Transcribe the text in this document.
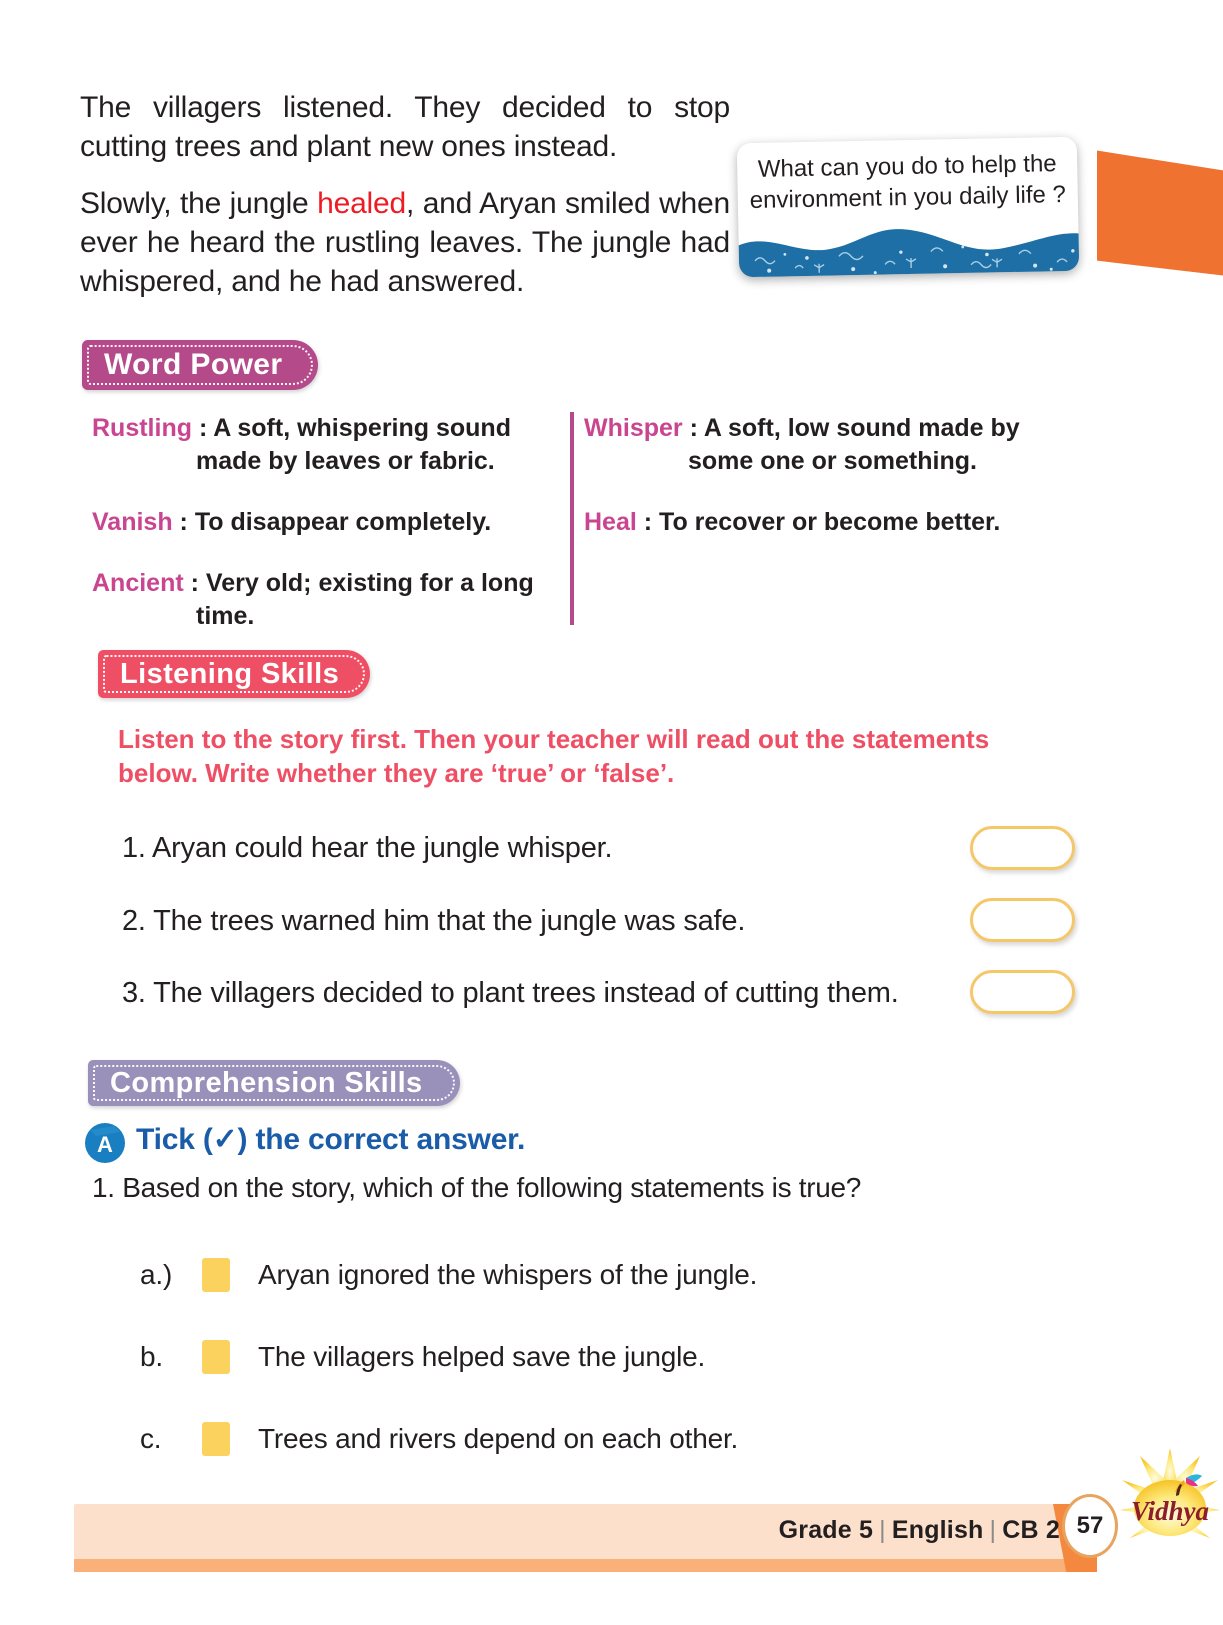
The villagers listened. They decided to stop cutting trees and plant new ones instead.
Slowly, the jungle healed, and Aryan smiled when ever he heard the rustling leaves. The jungle had whispered, and he had answered.
What can you do to help the environment in you daily life ?
Word Power
Rustling : A soft, whispering sound made by leaves or fabric.
Vanish : To disappear completely.
Ancient : Very old; existing for a long time.
Whisper : A soft, low sound made by some one or something.
Heal : To recover or become better.
Listening Skills
Listen to the story first. Then your teacher will read out the statements below. Write whether they are ‘true’ or ‘false’.
1. Aryan could hear the jungle whisper.
2. The trees warned him that the jungle was safe.
3. The villagers decided to plant trees instead of cutting them.
Comprehension Skills
A Tick (✓) the correct answer.
1. Based on the story, which of the following statements is true?
a.)	Aryan ignored the whispers of the jungle.
b.	The villagers helped save the jungle.
c.	Trees and rivers depend on each other.
Grade 5 | English | CB 2 57	Vidhya
